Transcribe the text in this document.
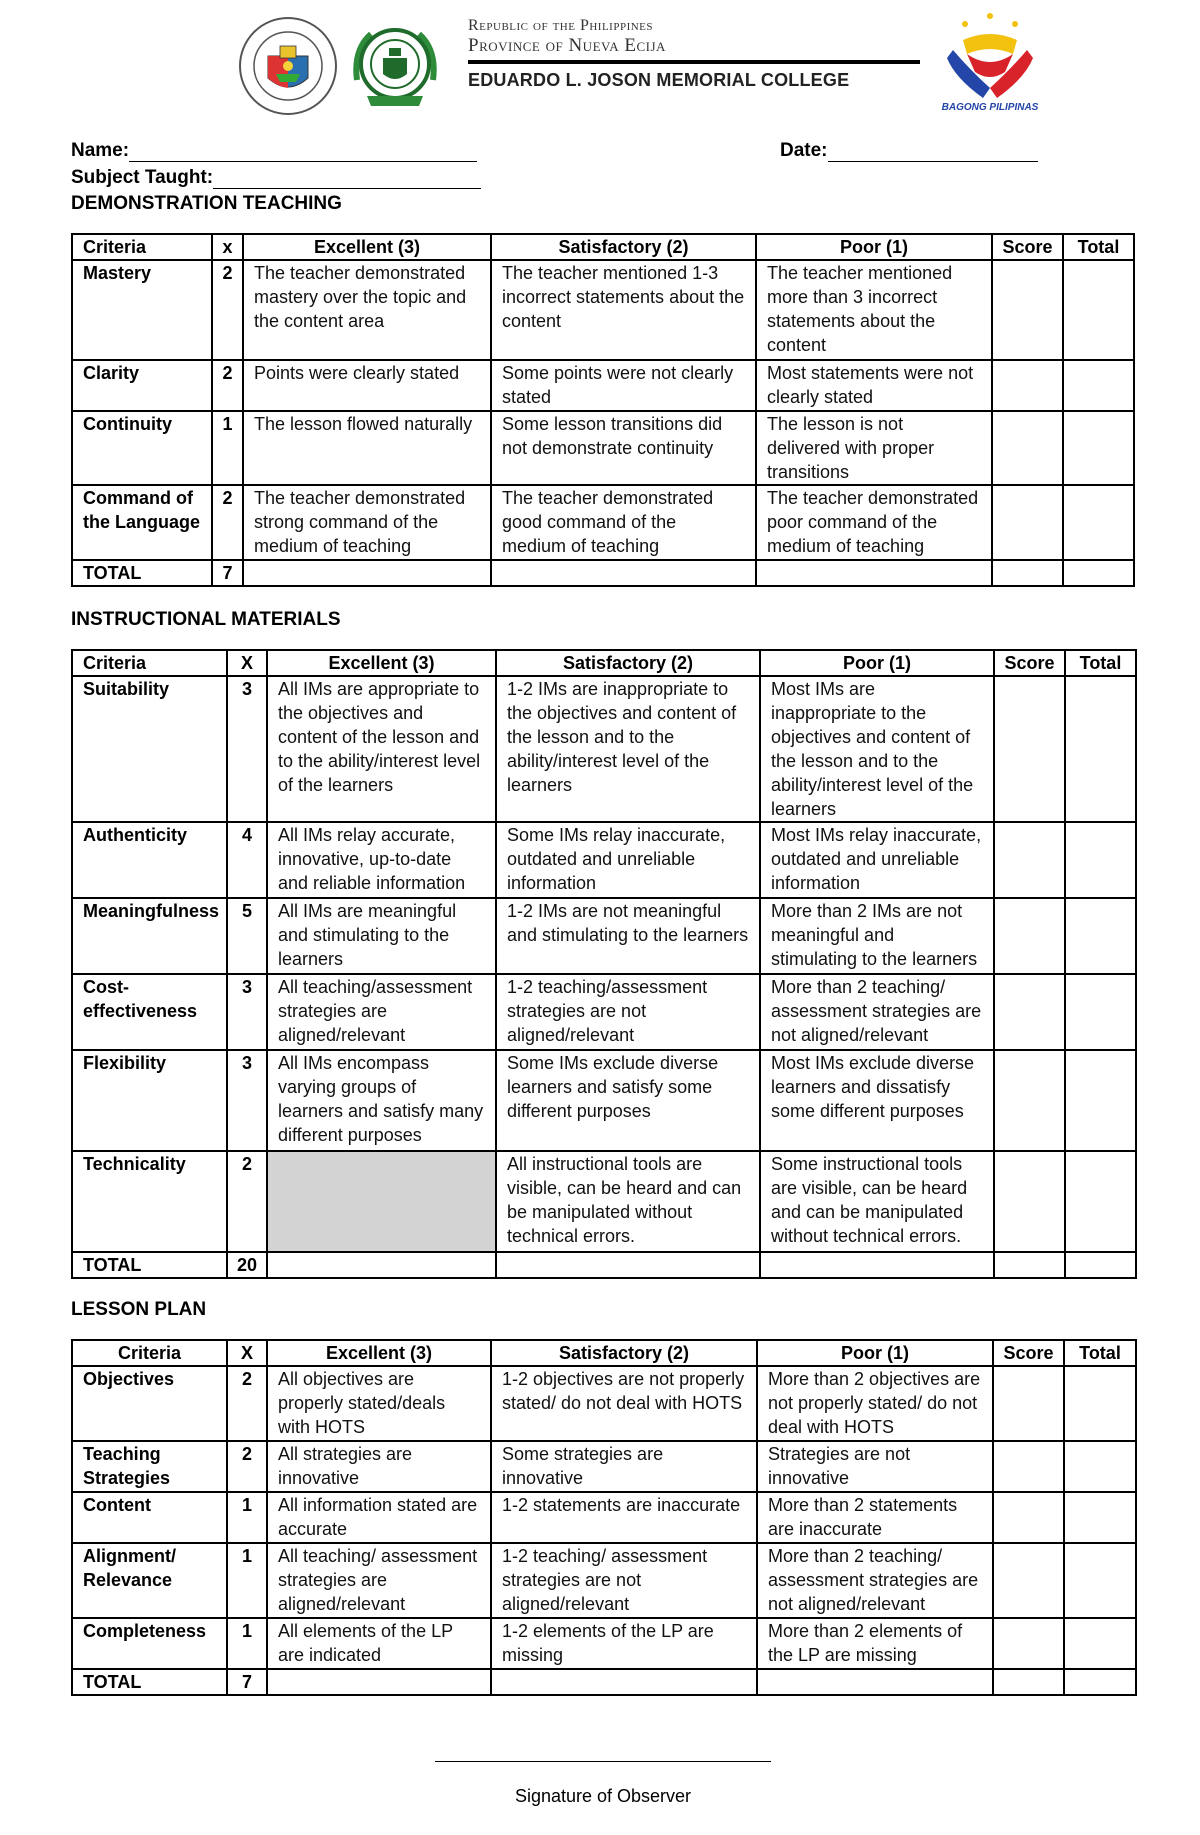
Republic of the Philippines
Province of Nueva Ecija
EDUARDO L. JOSON MEMORIAL COLLEGE
BAGONG PILIPINAS
Name:	Date:
Subject Taught:
DEMONSTRATION TEACHING
Criteria	x	Excellent (3)	Satisfactory (2)	Poor (1)	Score	Total
Mastery	2	The teacher demonstrated mastery over the topic and the content area	The teacher mentioned 1-3 incorrect statements about the content	The teacher mentioned more than 3 incorrect statements about the content		
Clarity	2	Points were clearly stated	Some points were not clearly stated	Most statements were not clearly stated		
Continuity	1	The lesson flowed naturally	Some lesson transitions did not demonstrate continuity	The lesson is not delivered with proper transitions		
Command of the Language	2	The teacher demonstrated strong command of the medium of teaching	The teacher demonstrated good command of the medium of teaching	The teacher demonstrated poor command of the medium of teaching		
TOTAL	7					
INSTRUCTIONAL MATERIALS
Criteria	X	Excellent (3)	Satisfactory (2)	Poor (1)	Score	Total
Suitability	3	All IMs are appropriate to the objectives and content of the lesson and to the ability/interest level of the learners	1-2 IMs are inappropriate to the objectives and content of the lesson and to the ability/interest level of the learners	Most IMs are inappropriate to the objectives and content of the lesson and to the ability/interest level of the learners		
Authenticity	4	All IMs relay accurate, innovative, up-to-date and reliable information	Some IMs relay inaccurate, outdated and unreliable information	Most IMs relay inaccurate, outdated and unreliable information		
Meaningfulness	5	All IMs are meaningful and stimulating to the learners	1-2 IMs are not meaningful and stimulating to the learners	More than 2 IMs are not meaningful and stimulating to the learners		
Cost-effectiveness	3	All teaching/assessment strategies are aligned/relevant	1-2 teaching/assessment strategies are not aligned/relevant	More than 2 teaching/ assessment strategies are not aligned/relevant		
Flexibility	3	All IMs encompass varying groups of learners and satisfy many different purposes	Some IMs exclude diverse learners and satisfy some different purposes	Most IMs exclude diverse learners and dissatisfy some different purposes		
Technicality	2		All instructional tools are visible, can be heard and can be manipulated without technical errors.	Some instructional tools are visible, can be heard and can be manipulated without technical errors.		
TOTAL	20					
LESSON PLAN
Criteria	X	Excellent (3)	Satisfactory (2)	Poor (1)	Score	Total
Objectives	2	All objectives are properly stated/deals with HOTS	1-2 objectives are not properly stated/ do not deal with HOTS	More than 2 objectives are not properly stated/ do not deal with HOTS		
Teaching Strategies	2	All strategies are innovative	Some strategies are innovative	Strategies are not innovative		
Content	1	All information stated are accurate	1-2 statements are inaccurate	More than 2 statements are inaccurate		
Alignment/ Relevance	1	All teaching/ assessment strategies are aligned/relevant	1-2 teaching/ assessment strategies are not aligned/relevant	More than 2 teaching/ assessment strategies are not aligned/relevant		
Completeness	1	All elements of the LP are indicated	1-2 elements of the LP are missing	More than 2 elements of the LP are missing		
TOTAL	7					
Signature of Observer
